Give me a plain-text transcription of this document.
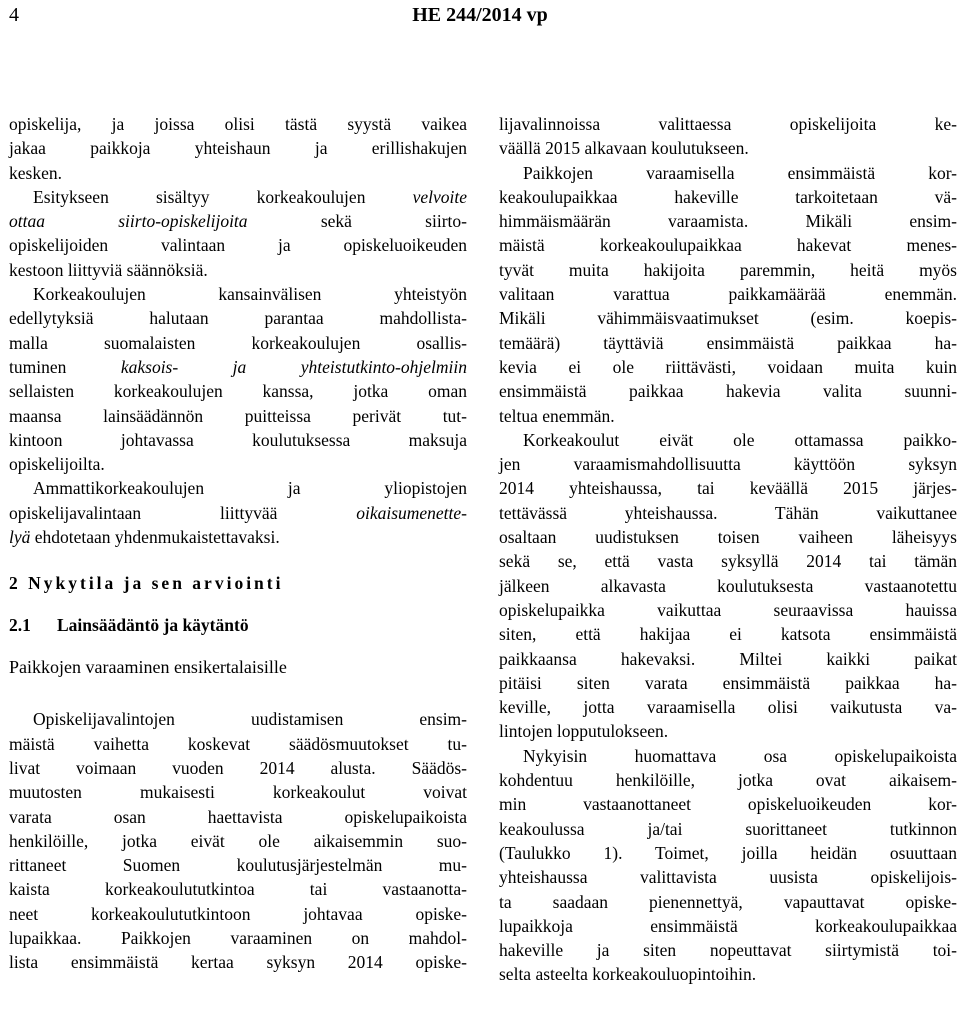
4	HE 244/2014 vp

opiskelija, ja joissa olisi tästä syystä vaikea
jakaa paikkoja yhteishaun ja erillishakujen
kesken.

Esitykseen sisältyy korkeakoulujen velvoite
ottaa siirto-opiskelijoita sekä siirto-
opiskelijoiden valintaan ja opiskeluoikeuden
kestoon liittyviä säännöksiä.

Korkeakoulujen kansainvälisen yhteistyön
edellytyksiä halutaan parantaa mahdollista-
malla suomalaisten korkeakoulujen osallis-
tuminen kaksois- ja yhteistutkinto-ohjelmiin
sellaisten korkeakoulujen kanssa, jotka oman
maansa lainsäädännön puitteissa perivät tut-
kintoon johtavassa koulutuksessa maksuja
opiskelijoilta.

Ammattikorkeakoulujen ja yliopistojen
opiskelijavalintaan liittyvää oikaisumenette-
lyä ehdotetaan yhdenmukaistettavaksi.

2 Nykytila ja sen arviointi
2.1 Lainsäädäntö ja käytäntö
Paikkojen varaaminen ensikertalaisille

Opiskelijavalintojen uudistamisen ensim-
mäistä vaihetta koskevat säädösmuutokset tu-
livat voimaan vuoden 2014 alusta. Säädös-
muutosten mukaisesti korkeakoulut voivat
varata osan haettavista opiskelupaikoista
henkilöille, jotka eivät ole aikaisemmin suo-
rittaneet Suomen koulutusjärjestelmän mu-
kaista korkeakoulututkintoa tai vastaanotta-
neet korkeakoulututkintoon johtavaa opiske-
lupaikkaa. Paikkojen varaaminen on mahdol-
lista ensimmäistä kertaa syksyn 2014 opiske-

lijavalinnoissa valittaessa opiskelijoita ke-
väällä 2015 alkavaan koulutukseen.

Paikkojen varaamisella ensimmäistä kor-
keakoulupaikkaa hakeville tarkoitetaan vä-
himmäismäärän varaamista. Mikäli ensim-
mäistä korkeakoulupaikkaa hakevat menes-
tyvät muita hakijoita paremmin, heitä myös
valitaan varattua paikkamäärää enemmän.
Mikäli vähimmäisvaatimukset (esim. koepis-
temäärä) täyttäviä ensimmäistä paikkaa ha-
kevia ei ole riittävästi, voidaan muita kuin
ensimmäistä paikkaa hakevia valita suunni-
teltua enemmän.

Korkeakoulut eivät ole ottamassa paikko-
jen varaamismahdollisuutta käyttöön syksyn
2014 yhteishaussa, tai keväällä 2015 järjes-
tettävässä yhteishaussa. Tähän vaikuttanee
osaltaan uudistuksen toisen vaiheen läheisyys
sekä se, että vasta syksyllä 2014 tai tämän
jälkeen alkavasta koulutuksesta vastaanotettu
opiskelupaikka vaikuttaa seuraavissa hauissa
siten, että hakijaa ei katsota ensimmäistä
paikkaansa hakevaksi. Miltei kaikki paikat
pitäisi siten varata ensimmäistä paikkaa ha-
keville, jotta varaamisella olisi vaikutusta va-
lintojen lopputulokseen.

Nykyisin huomattava osa opiskelupaikoista
kohdentuu henkilöille, jotka ovat aikaisem-
min vastaanottaneet opiskeluoikeuden kor-
keakoulussa ja/tai suorittaneet tutkinnon
(Taulukko 1). Toimet, joilla heidän osuuttaan
yhteishaussa valittavista uusista opiskelijois-
ta saadaan pienennettyä, vapauttavat opiske-
lupaikkoja ensimmäistä korkeakoulupaikkaa
hakeville ja siten nopeuttavat siirtymistä toi-
selta asteelta korkeakouluopintoihin.
